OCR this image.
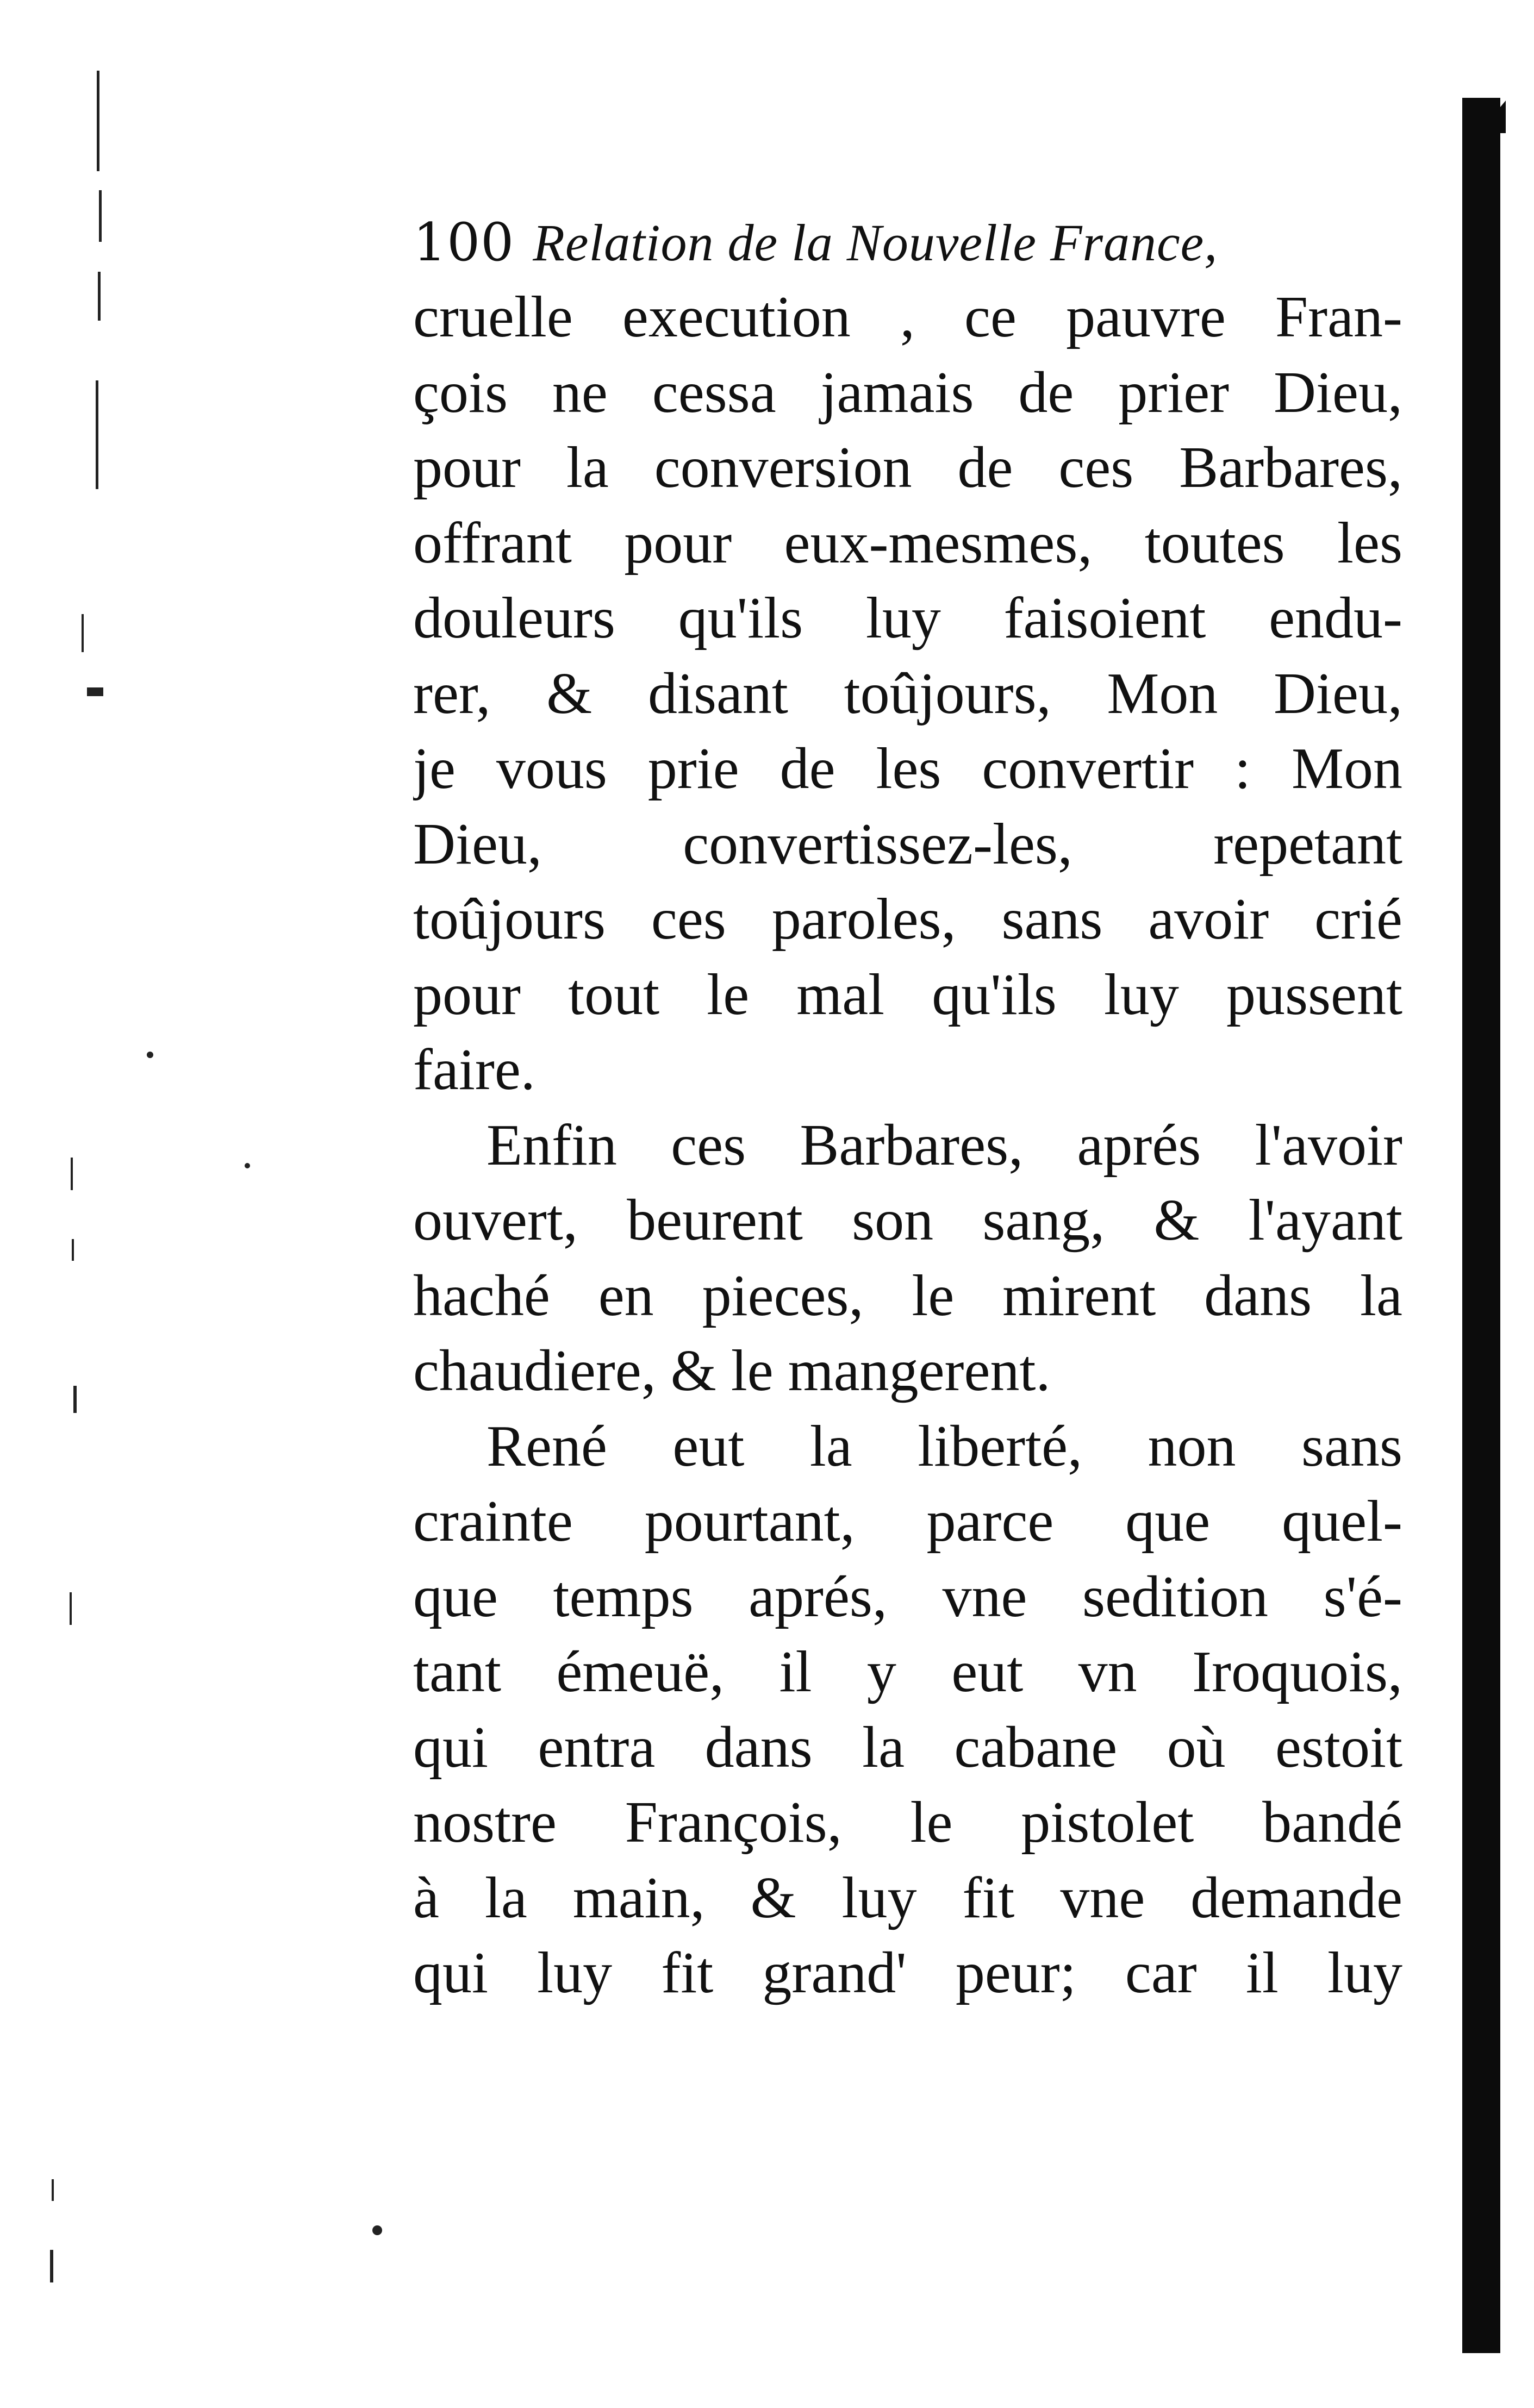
100 Relation de la Nouvelle France,
cruelle execution , ce pauvre Fran-
çois ne cessa jamais de prier Dieu,
pour la conversion de ces Barbares,
offrant pour eux-mesmes, toutes les
douleurs qu'ils luy faisoient endu-
rer, & disant toûjours, Mon Dieu,
je vous prie de les convertir : Mon
Dieu, convertissez-les, repetant
toûjours ces paroles, sans avoir crié
pour tout le mal qu'ils luy pussent
faire.
Enfin ces Barbares, aprés l'avoir
ouvert, beurent son sang, & l'ayant
haché en pieces, le mirent dans la
chaudiere, & le mangerent.
René eut la liberté, non sans
crainte pourtant, parce que quel-
que temps aprés, vne sedition s'é-
tant émeuë, il y eut vn Iroquois,
qui entra dans la cabane où estoit
nostre François, le pistolet bandé
à la main, & luy fit vne demande
qui luy fit grand' peur; car il luy
